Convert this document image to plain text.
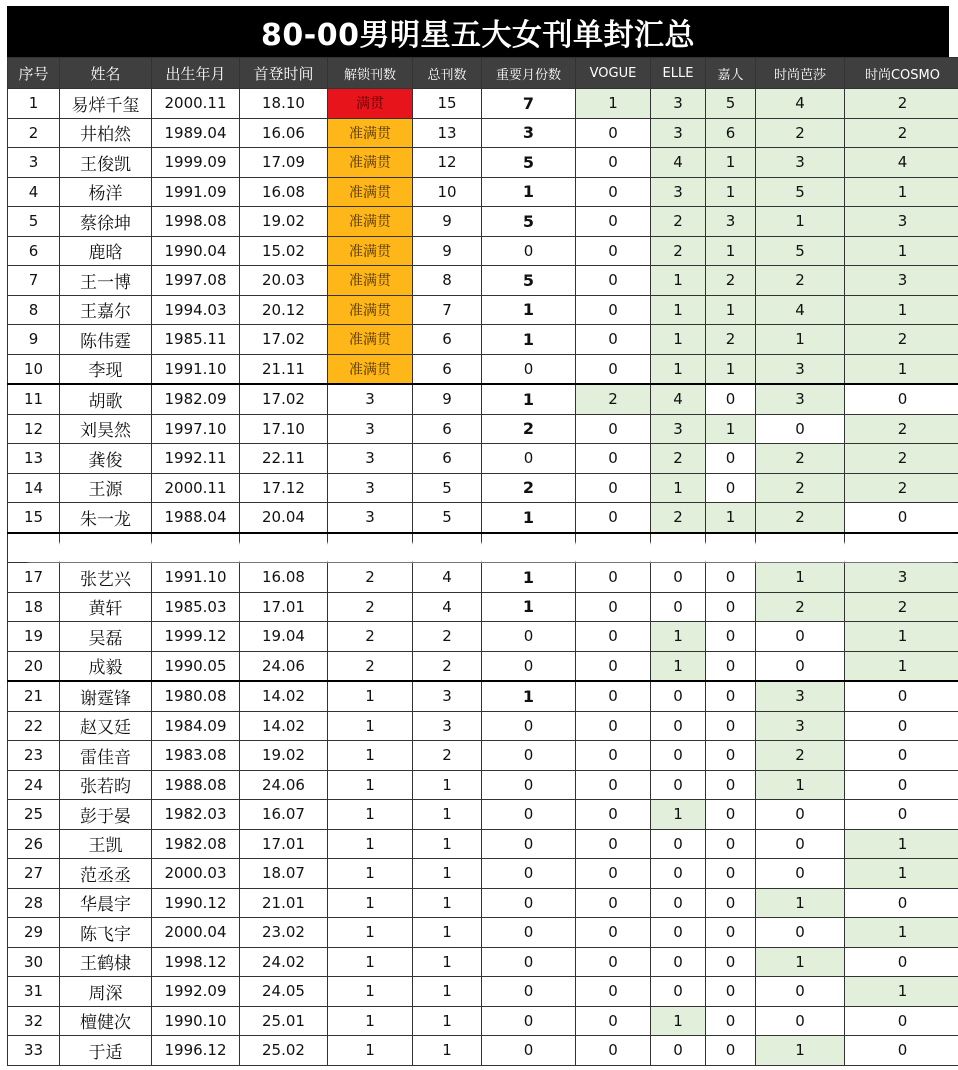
80-00男明星五大女刊单封汇总
序号	姓名	出生年月	首登时间	解锁刊数	总刊数	重要月份数	VOGUE	ELLE	嘉人	时尚芭莎	时尚COSMO
1	易烊千玺	2000.11	18.10	满贯	15	7	1	3	5	4	2
2	井柏然	1989.04	16.06	准满贯	13	3	0	3	6	2	2
3	王俊凯	1999.09	17.09	准满贯	12	5	0	4	1	3	4
4	杨洋	1991.09	16.08	准满贯	10	1	0	3	1	5	1
5	蔡徐坤	1998.08	19.02	准满贯	9	5	0	2	3	1	3
6	鹿晗	1990.04	15.02	准满贯	9	0	0	2	1	5	1
7	王一博	1997.08	20.03	准满贯	8	5	0	1	2	2	3
8	王嘉尔	1994.03	20.12	准满贯	7	1	0	1	1	4	1
9	陈伟霆	1985.11	17.02	准满贯	6	1	0	1	2	1	2
10	李现	1991.10	21.11	准满贯	6	0	0	1	1	3	1
11	胡歌	1982.09	17.02	3	9	1	2	4	0	3	0
12	刘昊然	1997.10	17.10	3	6	2	0	3	1	0	2
13	龚俊	1992.11	22.11	3	6	0	0	2	0	2	2
14	王源	2000.11	17.12	3	5	2	0	1	0	2	2
15	朱一龙	1988.04	20.04	3	5	1	0	2	1	2	0

17	张艺兴	1991.10	16.08	2	4	1	0	0	0	1	3
18	黄轩	1985.03	17.01	2	4	1	0	0	0	2	2
19	吴磊	1999.12	19.04	2	2	0	0	1	0	0	1
20	成毅	1990.05	24.06	2	2	0	0	1	0	0	1
21	谢霆锋	1980.08	14.02	1	3	1	0	0	0	3	0
22	赵又廷	1984.09	14.02	1	3	0	0	0	0	3	0
23	雷佳音	1983.08	19.02	1	2	0	0	0	0	2	0
24	张若昀	1988.08	24.06	1	1	0	0	0	0	1	0
25	彭于晏	1982.03	16.07	1	1	0	0	1	0	0	0
26	王凯	1982.08	17.01	1	1	0	0	0	0	0	1
27	范丞丞	2000.03	18.07	1	1	0	0	0	0	0	1
28	华晨宇	1990.12	21.01	1	1	0	0	0	0	1	0
29	陈飞宇	2000.04	23.02	1	1	0	0	0	0	0	1
30	王鹤棣	1998.12	24.02	1	1	0	0	0	0	1	0
31	周深	1992.09	24.05	1	1	0	0	0	0	0	1
32	檀健次	1990.10	25.01	1	1	0	0	1	0	0	0
33	于适	1996.12	25.02	1	1	0	0	0	0	1	0
